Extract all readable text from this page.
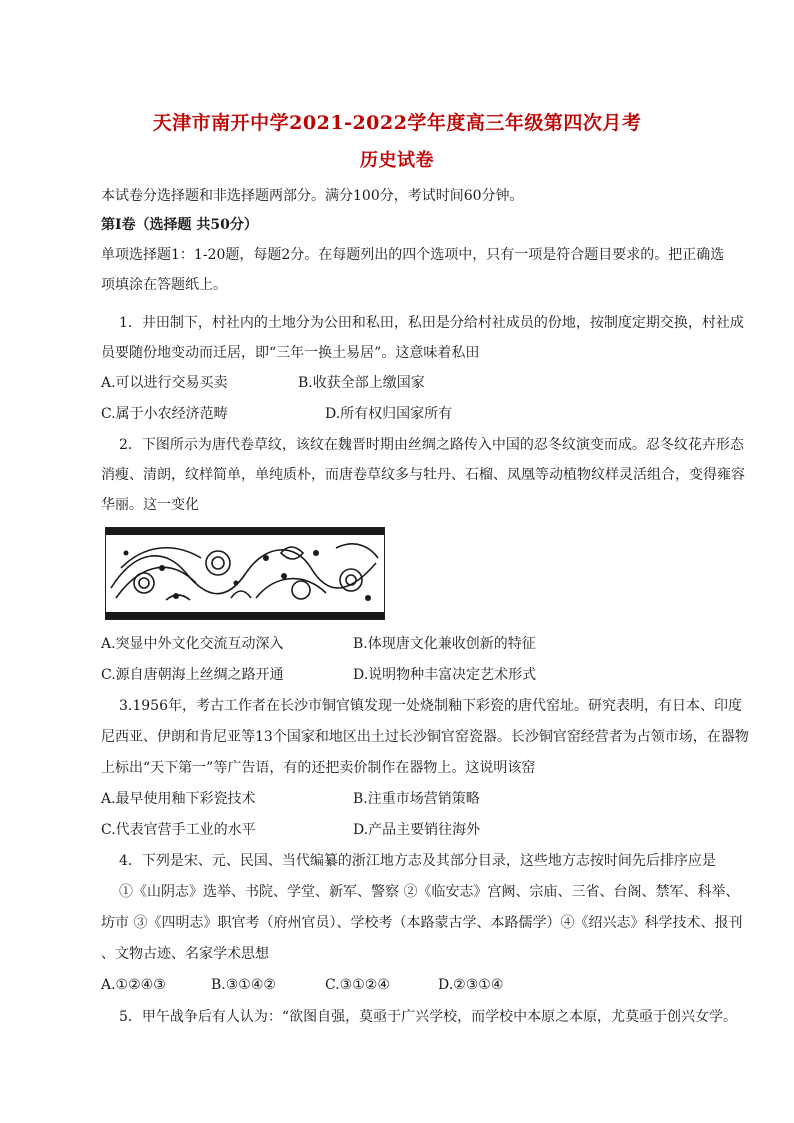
天津市南开中学2021-2022学年度高三年级第四次月考
历史试卷
本试卷分选择题和非选择题两部分。满分100分，考试时间60分钟。
第Ⅰ卷（选择题 共50分）
单项选择题1：1-20题，每题2分。在每题列出的四个选项中，只有一项是符合题目要求的。把正确选
项填涂在答题纸上。
1．井田制下，村社内的土地分为公田和私田，私田是分给村社成员的份地，按制度定期交换，村社成
员要随份地变动而迁居，即“三年一换土易居”。这意味着私田
A.可以进行交易买卖	B.收获全部上缴国家
C.属于小农经济范畴	D.所有权归国家所有
2．下图所示为唐代卷草纹，该纹在魏晋时期由丝绸之路传入中国的忍冬纹演变而成。忍冬纹花卉形态
消瘦、清朗，纹样简单，单纯质朴，而唐卷草纹多与牡丹、石榴、凤凰等动植物纹样灵活组合，变得雍容
华丽。这一变化
A.突显中外文化交流互动深入	B.体现唐文化兼收创新的特征
C.源自唐朝海上丝绸之路开通	D.说明物种丰富决定艺术形式
3.1956年，考古工作者在长沙市铜官镇发现一处烧制釉下彩瓷的唐代窑址。研究表明，有日本、印度
尼西亚、伊朗和肯尼亚等13个国家和地区出土过长沙铜官窑瓷器。长沙铜官窑经营者为占领市场，在器物
上标出“天下第一”等广告语，有的还把卖价制作在器物上。这说明该窑
A.最早使用釉下彩瓷技术	B.注重市场营销策略
C.代表官营手工业的水平	D.产品主要销往海外
4．下列是宋、元、民国、当代编纂的浙江地方志及其部分目录，这些地方志按时间先后排序应是
①《山阴志》选举、书院、学堂、新军、警察 ②《临安志》宫阙、宗庙、三省、台阁、禁军、科举、
坊市 ③《四明志》职官考（府州官员）、学校考（本路蒙古学、本路儒学）④《绍兴志》科学技术、报刊
、文物古迹、名家学术思想
A.①②④③	B.③①④②	C.③①②④	D.②③①④
5．甲午战争后有人认为：“欲图自强，莫亟于广兴学校，而学校中本原之本原，尤莫亟于创兴女学。
